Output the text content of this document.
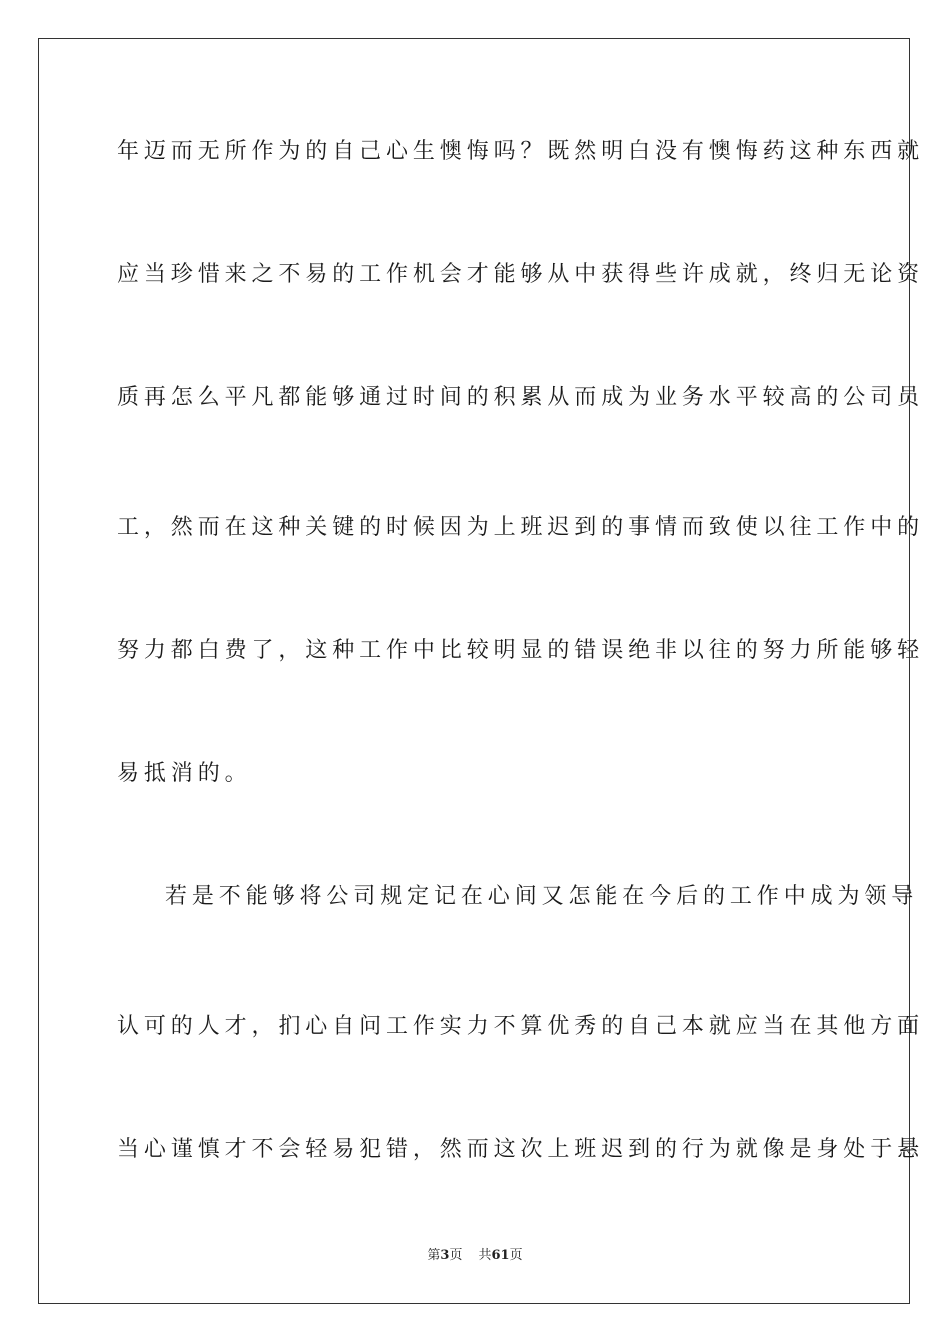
年迈而无所作为的自己心生懊悔吗？既然明白没有懊悔药这种东西就
应当珍惜来之不易的工作机会才能够从中获得些许成就，终归无论资
质再怎么平凡都能够通过时间的积累从而成为业务水平较高的公司员
工，然而在这种关键的时候因为上班迟到的事情而致使以往工作中的
努力都白费了，这种工作中比较明显的错误绝非以往的努力所能够轻
易抵消的。
若是不能够将公司规定记在心间又怎能在今后的工作中成为领导
认可的人才，扪心自问工作实力不算优秀的自己本就应当在其他方面
当心谨慎才不会轻易犯错，然而这次上班迟到的行为就像是身处于悬
第3页 共61页
